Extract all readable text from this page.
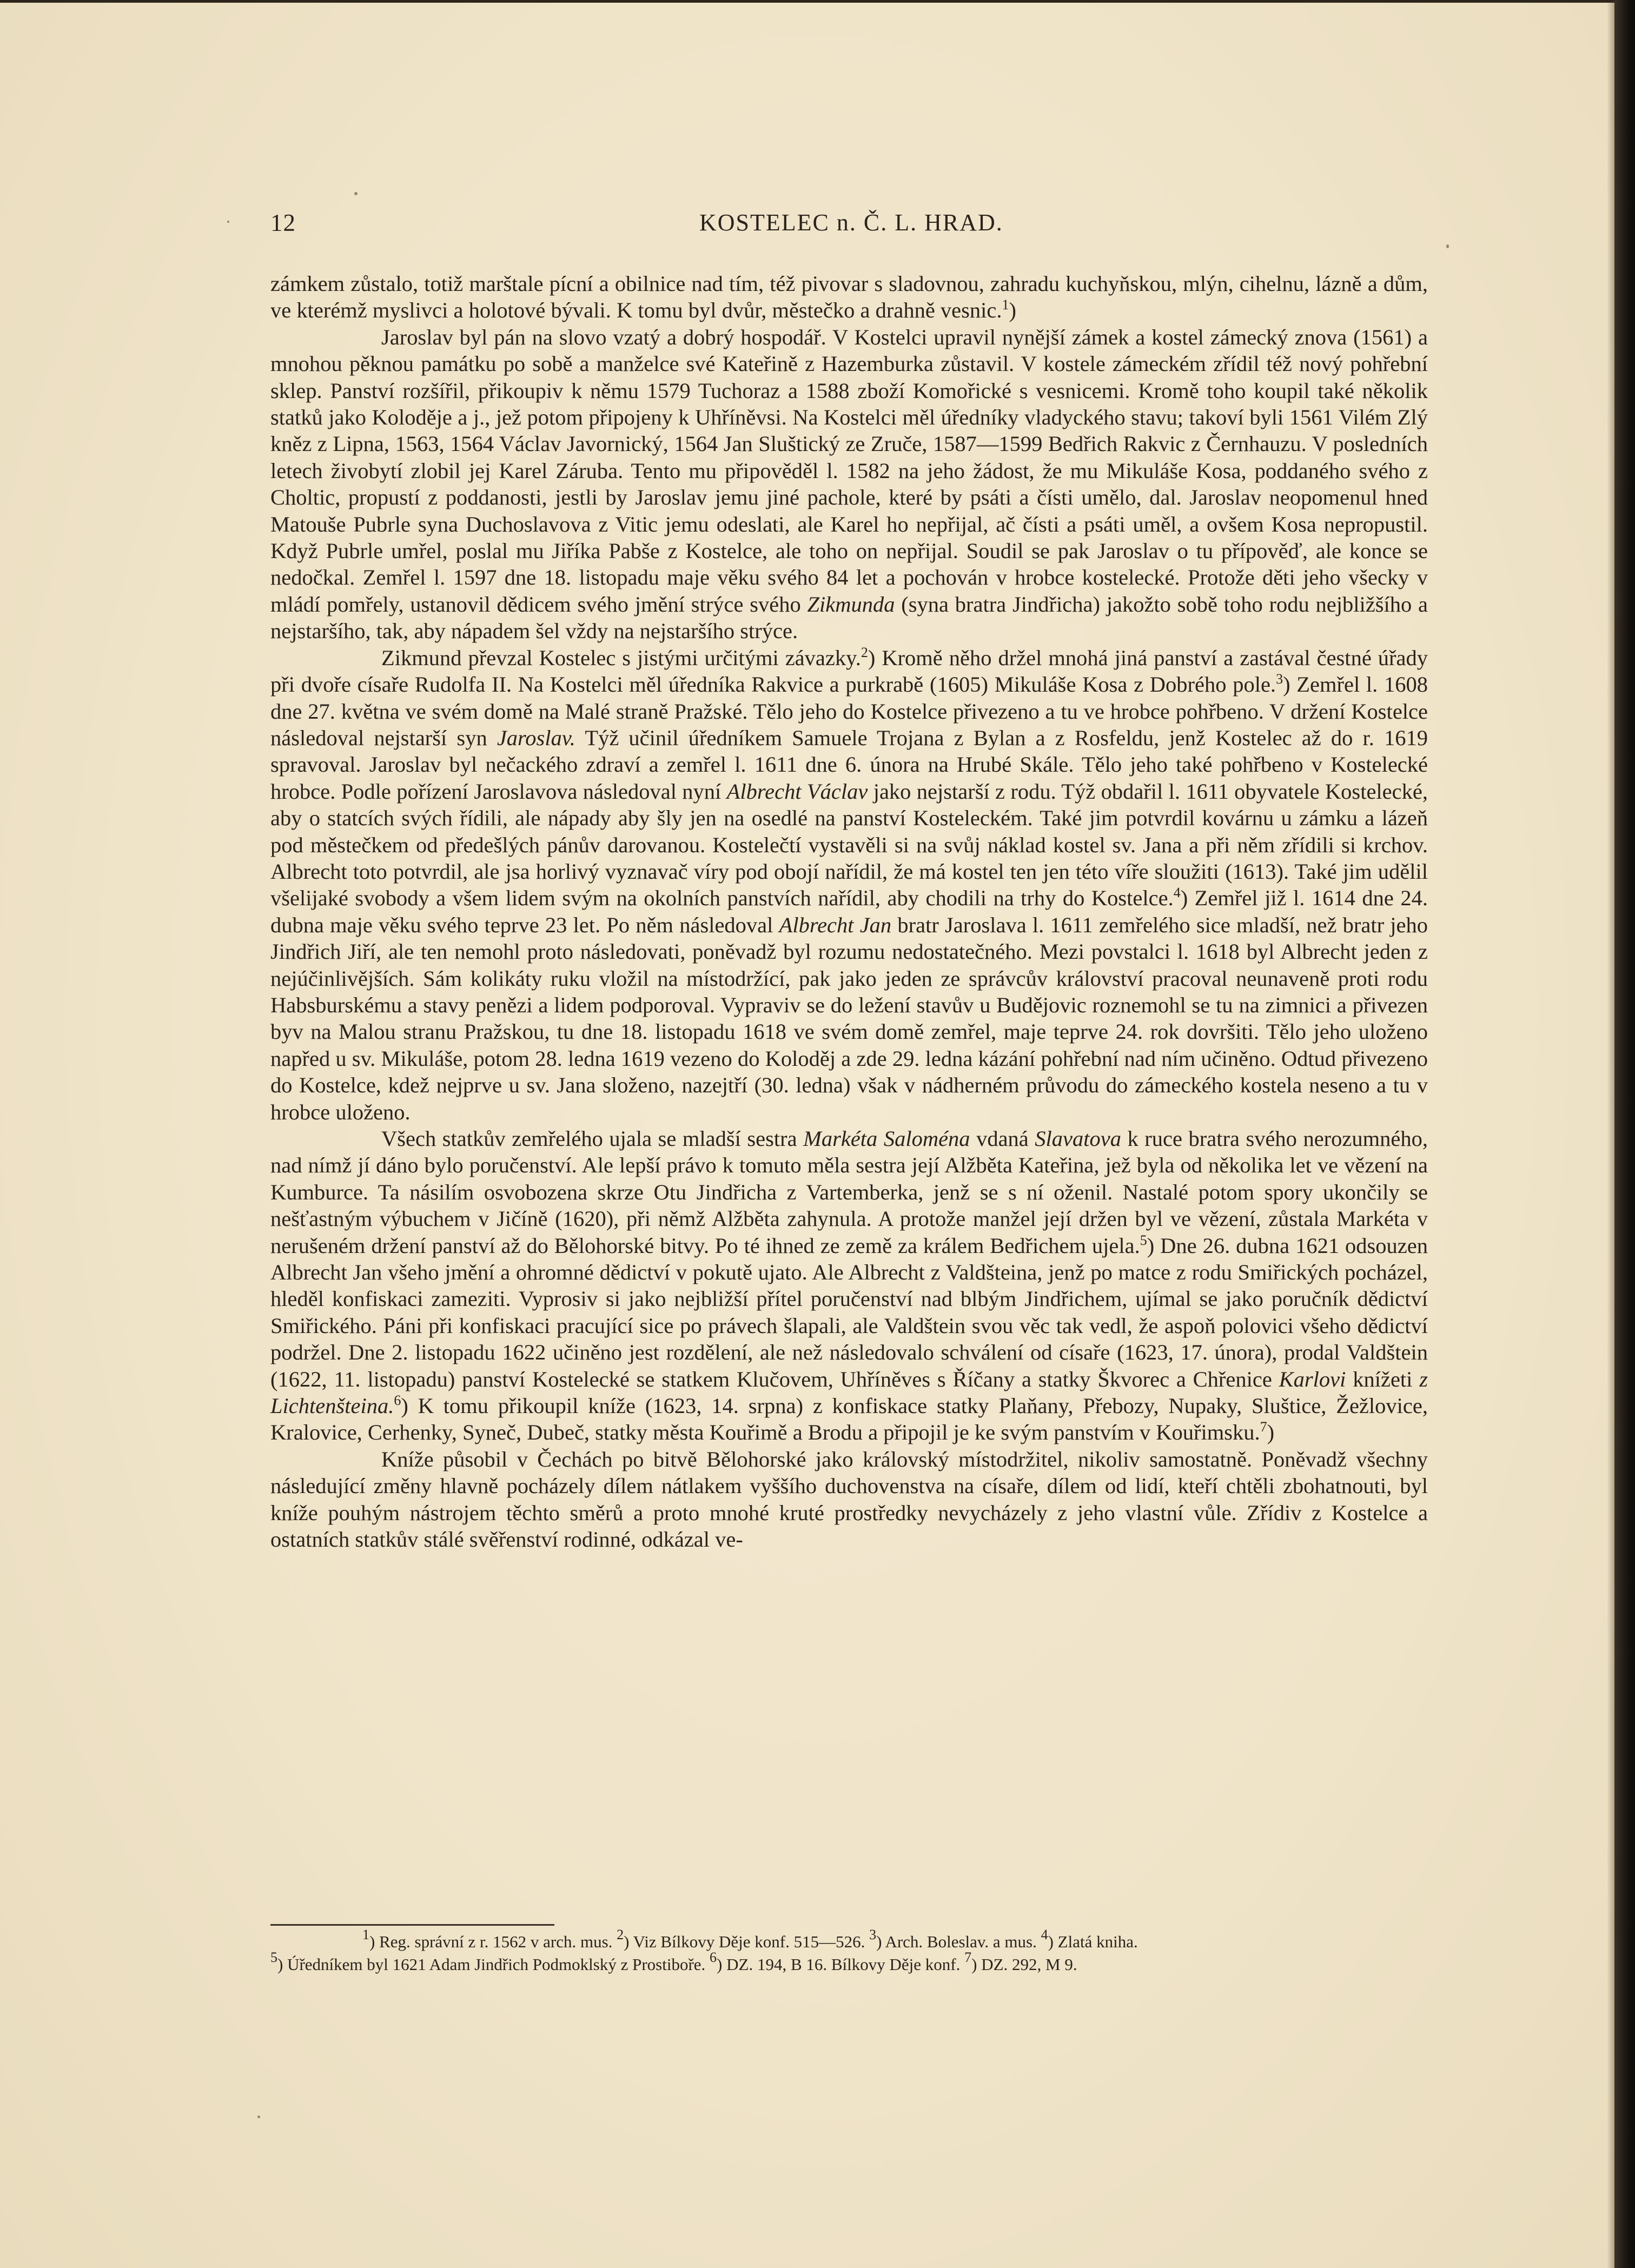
12	KOSTELEC n. Č. L. HRAD.

zámkem zůstalo, totiž marštale pícní a obilnice nad tím, též pivovar s sladovnou, zahradu kuchyňskou, mlýn, cihelnu, lázně a dům, ve kterémž myslivci a holotové bývali. K tomu byl dvůr, městečko a drahně vesnic.$^1$)

Jaroslav byl pán na slovo vzatý a dobrý hospodář. V Kostelci upravil nynější zámek a kostel zámecký znova (1561) a mnohou pěknou památku po sobě a manželce své Kateřině z Hazemburka zůstavil. V kostele zámeckém zřídil též nový pohřební sklep. Panství rozšířil, přikoupiv k němu 1579 Tuchoraz a 1588 zboží Komořické s vesnicemi. Kromě toho koupil také několik statků jako Koloděje a j., jež potom připojeny k Uhříněvsi. Na Kostelci měl úředníky vladyckého stavu; takoví byli 1561 Vilém Zlý kněz z Lipna, 1563, 1564 Václav Javornický, 1564 Jan Sluštický ze Zruče, 1587—1599 Bedřich Rakvic z Černhauzu. V posledních letech živobytí zlobil jej Karel Záruba. Tento mu připověděl l. 1582 na jeho žádost, že mu Mikuláše Kosa, poddaného svého z Choltic, propustí z poddanosti, jestli by Jaroslav jemu jiné pachole, které by psáti a čísti umělo, dal. Jaroslav neopomenul hned Matouše Pubrle syna Duchoslavova z Vitic jemu odeslati, ale Karel ho nepřijal, ač čísti a psáti uměl, a ovšem Kosa nepropustil. Když Pubrle umřel, poslal mu Jiříka Pabše z Kostelce, ale toho on nepřijal. Soudil se pak Jaroslav o tu přípověď, ale konce se nedočkal. Zemřel l. 1597 dne 18. listopadu maje věku svého 84 let a pochován v hrobce kostelecké. Protože děti jeho všecky v mládí pomřely, ustanovil dědicem svého jmění strýce svého Zikmunda (syna bratra Jindřicha) jakožto sobě toho rodu nejbližšího a nejstaršího, tak, aby nápadem šel vždy na nejstaršího strýce.

Zikmund převzal Kostelec s jistými určitými závazky.$^2$) Kromě něho držel mnohá jiná panství a zastával čestné úřady při dvoře císaře Rudolfa II. Na Kostelci měl úředníka Rakvice a purkrabě (1605) Mikuláše Kosa z Dobrého pole.$^3$) Zemřel l. 1608 dne 27. května ve svém domě na Malé straně Pražské. Tělo jeho do Kostelce přivezeno a tu ve hrobce pohřbeno. V držení Kostelce následoval nejstarší syn Jaroslav. Týž učinil úředníkem Samuele Trojana z Bylan a z Rosfeldu, jenž Kostelec až do r. 1619 spravoval. Jaroslav byl nečackého zdraví a zemřel l. 1611 dne 6. února na Hrubé Skále. Tělo jeho také pohřbeno v Kostelecké hrobce. Podle pořízení Jaroslavova následoval nyní Albrecht Václav jako nejstarší z rodu. Týž obdařil l. 1611 obyvatele Kostelecké, aby o statcích svých řídili, ale nápady aby šly jen na osedlé na panství Kosteleckém. Také jim potvrdil kovárnu u zámku a lázeň pod městečkem od předešlých pánův darovanou. Kostelečtí vystavěli si na svůj náklad kostel sv. Jana a při něm zřídili si krchov. Albrecht toto potvrdil, ale jsa horlivý vyznavač víry pod obojí nařídil, že má kostel ten jen této víře sloužiti (1613). Také jim udělil všelijaké svobody a všem lidem svým na okolních panstvích nařídil, aby chodili na trhy do Kostelce.$^4$) Zemřel již l. 1614 dne 24. dubna maje věku svého teprve 23 let. Po něm následoval Albrecht Jan bratr Jaroslava l. 1611 zemřelého sice mladší, než bratr jeho Jindřich Jiří, ale ten nemohl proto následovati, poněvadž byl rozumu nedostatečného. Mezi povstalci l. 1618 byl Albrecht jeden z nejúčinlivějších. Sám kolikáty ruku vložil na místodržící, pak jako jeden ze správcův království pracoval neunaveně proti rodu Habsburskému a stavy penězi a lidem podporoval. Vypraviv se do ležení stavův u Budějovic roznemohl se tu na zimnici a přivezen byv na Malou stranu Pražskou, tu dne 18. listopadu 1618 ve svém domě zemřel, maje teprve 24. rok dovršiti. Tělo jeho uloženo napřed u sv. Mikuláše, potom 28. ledna 1619 vezeno do Koloděj a zde 29. ledna kázání pohřební nad ním učiněno. Odtud přivezeno do Kostelce, kdež nejprve u sv. Jana složeno, nazejtří (30. ledna) však v nádherném průvodu do zámeckého kostela neseno a tu v hrobce uloženo.

Všech statkův zemřelého ujala se mladší sestra Markéta Saloména vdaná Slavatova k ruce bratra svého nerozumného, nad nímž jí dáno bylo poručenství. Ale lepší právo k tomuto měla sestra její Alžběta Kateřina, jež byla od několika let ve vězení na Kumburce. Ta násilím osvobozena skrze Otu Jindřicha z Vartemberka, jenž se s ní oženil. Nastalé potom spory ukončily se nešťastným výbuchem v Jičíně (1620), při němž Alžběta zahynula. A protože manžel její držen byl ve vězení, zůstala Markéta v nerušeném držení panství až do Bělohorské bitvy. Po té ihned ze země za králem Bedřichem ujela.$^5$) Dne 26. dubna 1621 odsouzen Albrecht Jan všeho jmění a ohromné dědictví v pokutě ujato. Ale Albrecht z Valdšteina, jenž po matce z rodu Smiřických pocházel, hleděl konfiskaci zameziti. Vyprosiv si jako nejbližší přítel poručenství nad blbým Jindřichem, ujímal se jako poručník dědictví Smiřického. Páni při konfiskaci pracující sice po právech šlapali, ale Valdštein svou věc tak vedl, že aspoň polovici všeho dědictví podržel. Dne 2. listopadu 1622 učiněno jest rozdělení, ale než následovalo schválení od císaře (1623, 17. února), prodal Valdštein (1622, 11. listopadu) panství Kostelecké se statkem Klučovem, Uhříněves s Říčany a statky Škvorec a Chřenice Karlovi knížeti z Lichtenšteina.$^6$) K tomu přikoupil kníže (1623, 14. srpna) z konfiskace statky Plaňany, Přebozy, Nupaky, Sluštice, Žežlovice, Kralovice, Cerhenky, Syneč, Dubeč, statky města Kouřimě a Brodu a připojil je ke svým panstvím v Kouřimsku.$^7$)

Kníže působil v Čechách po bitvě Bělohorské jako královský místodržitel, nikoliv samostatně. Poněvadž všechny následující změny hlavně pocházely dílem nátlakem vyššího duchovenstva na císaře, dílem od lidí, kteří chtěli zbohatnouti, byl kníže pouhým nástrojem těchto směrů a proto mnohé kruté prostředky nevycházely z jeho vlastní vůle. Zřídiv z Kostelce a ostatních statkův stálé svěřenství rodinné, odkázal ve-

$^1$) Reg. správní z r. 1562 v arch. mus. $^2$) Viz Bílkovy Děje konf. 515—526. $^3$) Arch. Boleslav. a mus. $^4$) Zlatá kniha.

$^5$) Úředníkem byl 1621 Adam Jindřich Podmoklský z Prostiboře. $^6$) DZ. 194, B 16. Bílkovy Děje konf. $^7$) DZ. 292, M 9.
